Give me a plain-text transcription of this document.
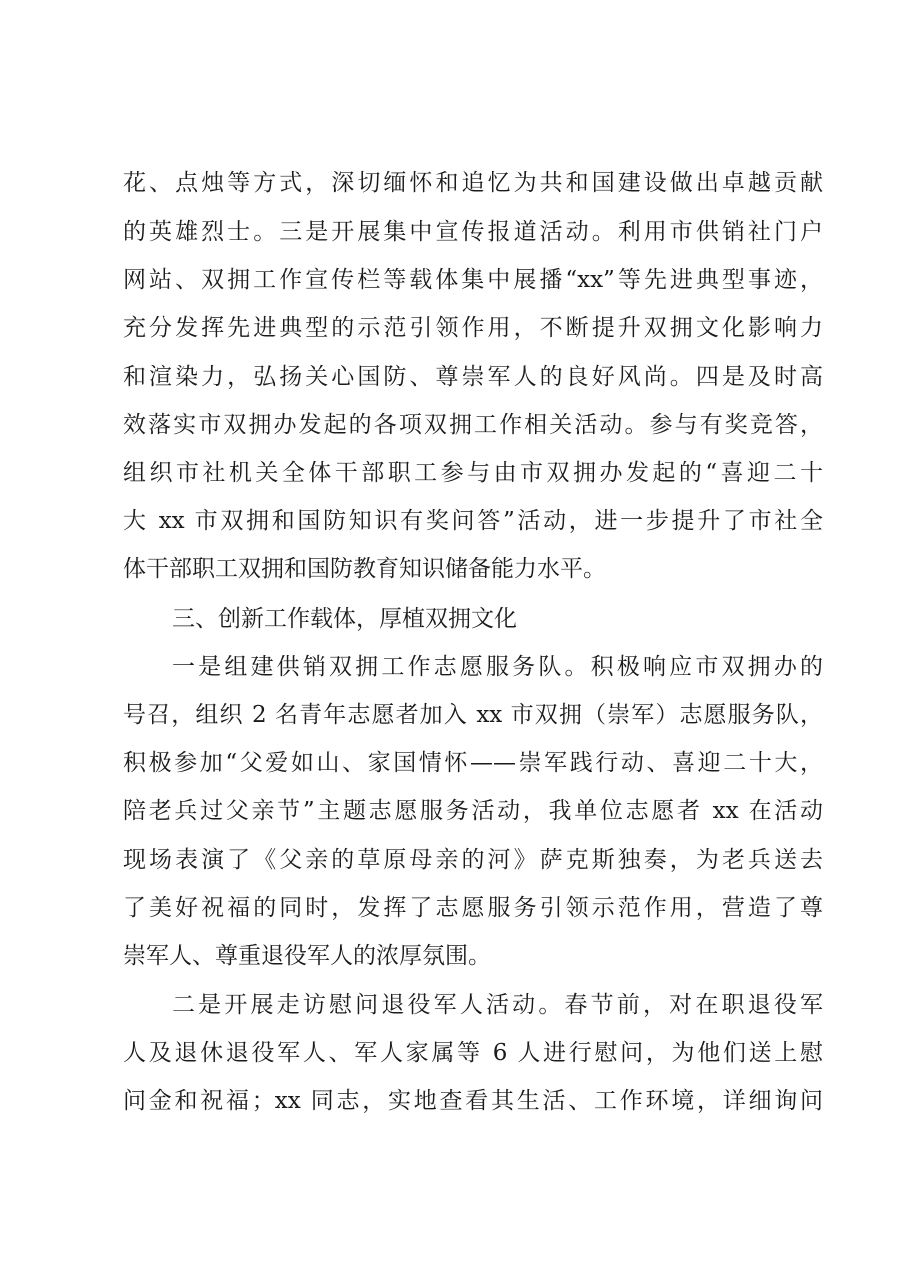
花、点烛等方式，深切缅怀和追忆为共和国建设做出卓越贡献
的英雄烈士。三是开展集中宣传报道活动。利用市供销社门户
网站、双拥工作宣传栏等载体集中展播“xx”等先进典型事迹，
充分发挥先进典型的示范引领作用，不断提升双拥文化影响力
和渲染力，弘扬关心国防、尊崇军人的良好风尚。四是及时高
效落实市双拥办发起的各项双拥工作相关活动。参与有奖竞答，
组织市社机关全体干部职工参与由市双拥办发起的“喜迎二十
大 xx 市双拥和国防知识有奖问答”活动，进一步提升了市社全
体干部职工双拥和国防教育知识储备能力水平。
三、创新工作载体，厚植双拥文化
一是组建供销双拥工作志愿服务队。积极响应市双拥办的
号召，组织 2 名青年志愿者加入 xx 市双拥（崇军）志愿服务队，
积极参加“父爱如山、家国情怀——崇军践行动、喜迎二十大，
陪老兵过父亲节”主题志愿服务活动，我单位志愿者 xx 在活动
现场表演了《父亲的草原母亲的河》萨克斯独奏，为老兵送去
了美好祝福的同时，发挥了志愿服务引领示范作用，营造了尊
崇军人、尊重退役军人的浓厚氛围。
二是开展走访慰问退役军人活动。春节前，对在职退役军
人及退休退役军人、军人家属等 6 人进行慰问，为他们送上慰
问金和祝福；xx 同志，实地查看其生活、工作环境，详细询问
